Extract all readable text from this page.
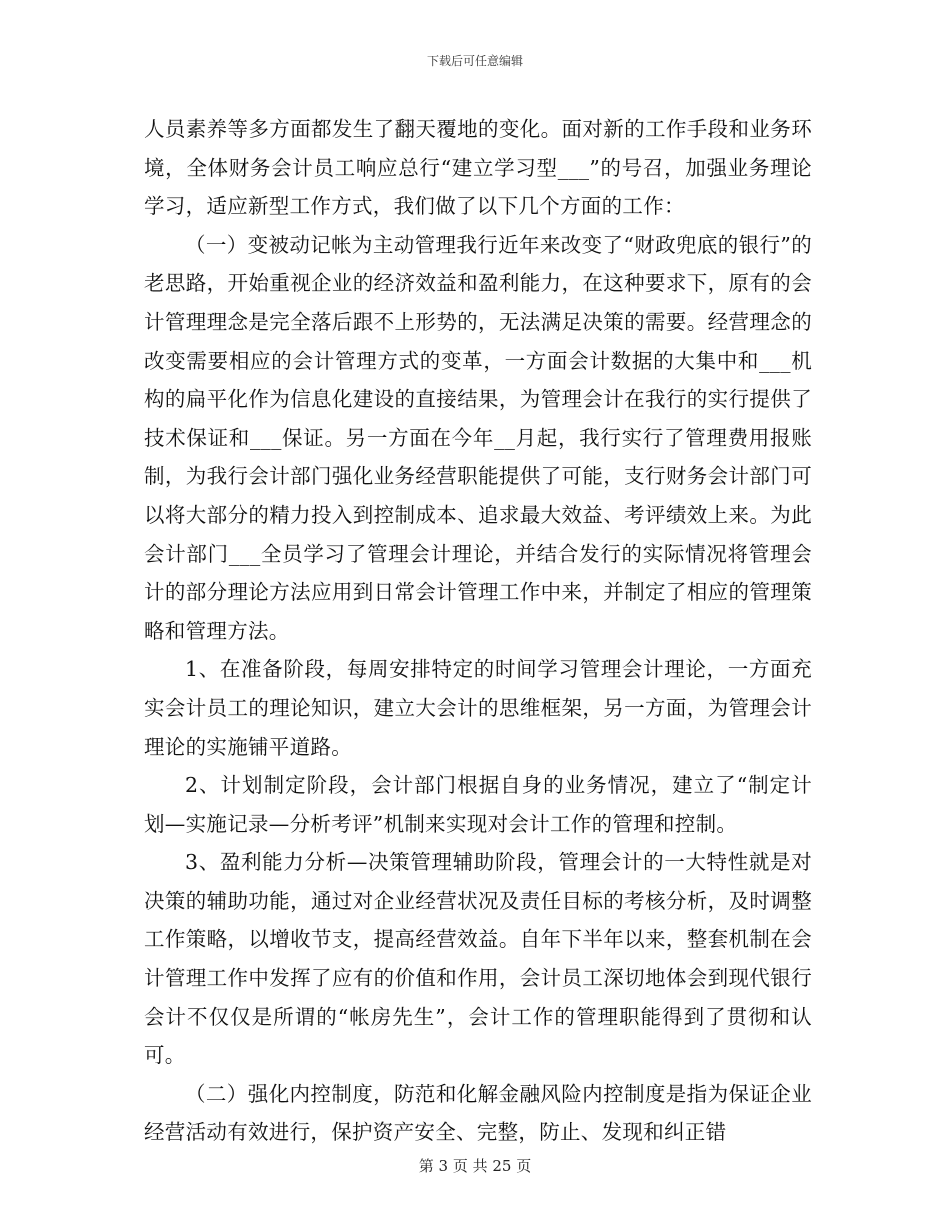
下载后可任意编辑

人员素养等多方面都发生了翻天覆地的变化。面对新的工作手段和业务环境，全体财务会计员工响应总行“建立学习型___”的号召，加强业务理论学习，适应新型工作方式，我们做了以下几个方面的工作：

（一）变被动记帐为主动管理我行近年来改变了“财政兜底的银行”的老思路，开始重视企业的经济效益和盈利能力，在这种要求下，原有的会计管理理念是完全落后跟不上形势的，无法满足决策的需要。经营理念的改变需要相应的会计管理方式的变革，一方面会计数据的大集中和___机构的扁平化作为信息化建设的直接结果，为管理会计在我行的实行提供了技术保证和___保证。另一方面在今年__月起，我行实行了管理费用报账制，为我行会计部门强化业务经营职能提供了可能，支行财务会计部门可以将大部分的精力投入到控制成本、追求最大效益、考评绩效上来。为此会计部门___全员学习了管理会计理论，并结合发行的实际情况将管理会计的部分理论方法应用到日常会计管理工作中来，并制定了相应的管理策略和管理方法。

1、在准备阶段，每周安排特定的时间学习管理会计理论，一方面充实会计员工的理论知识，建立大会计的思维框架，另一方面，为管理会计理论的实施铺平道路。

2、计划制定阶段，会计部门根据自身的业务情况，建立了“制定计划—实施记录—分析考评”机制来实现对会计工作的管理和控制。

3、盈利能力分析—决策管理辅助阶段，管理会计的一大特性就是对决策的辅助功能，通过对企业经营状况及责任目标的考核分析，及时调整工作策略，以增收节支，提高经营效益。自年下半年以来，整套机制在会计管理工作中发挥了应有的价值和作用，会计员工深切地体会到现代银行会计不仅仅是所谓的“帐房先生”，会计工作的管理职能得到了贯彻和认可。

（二）强化内控制度，防范和化解金融风险内控制度是指为保证企业经营活动有效进行，保护资产安全、完整，防止、发现和纠正错

第 3 页 共 25 页
